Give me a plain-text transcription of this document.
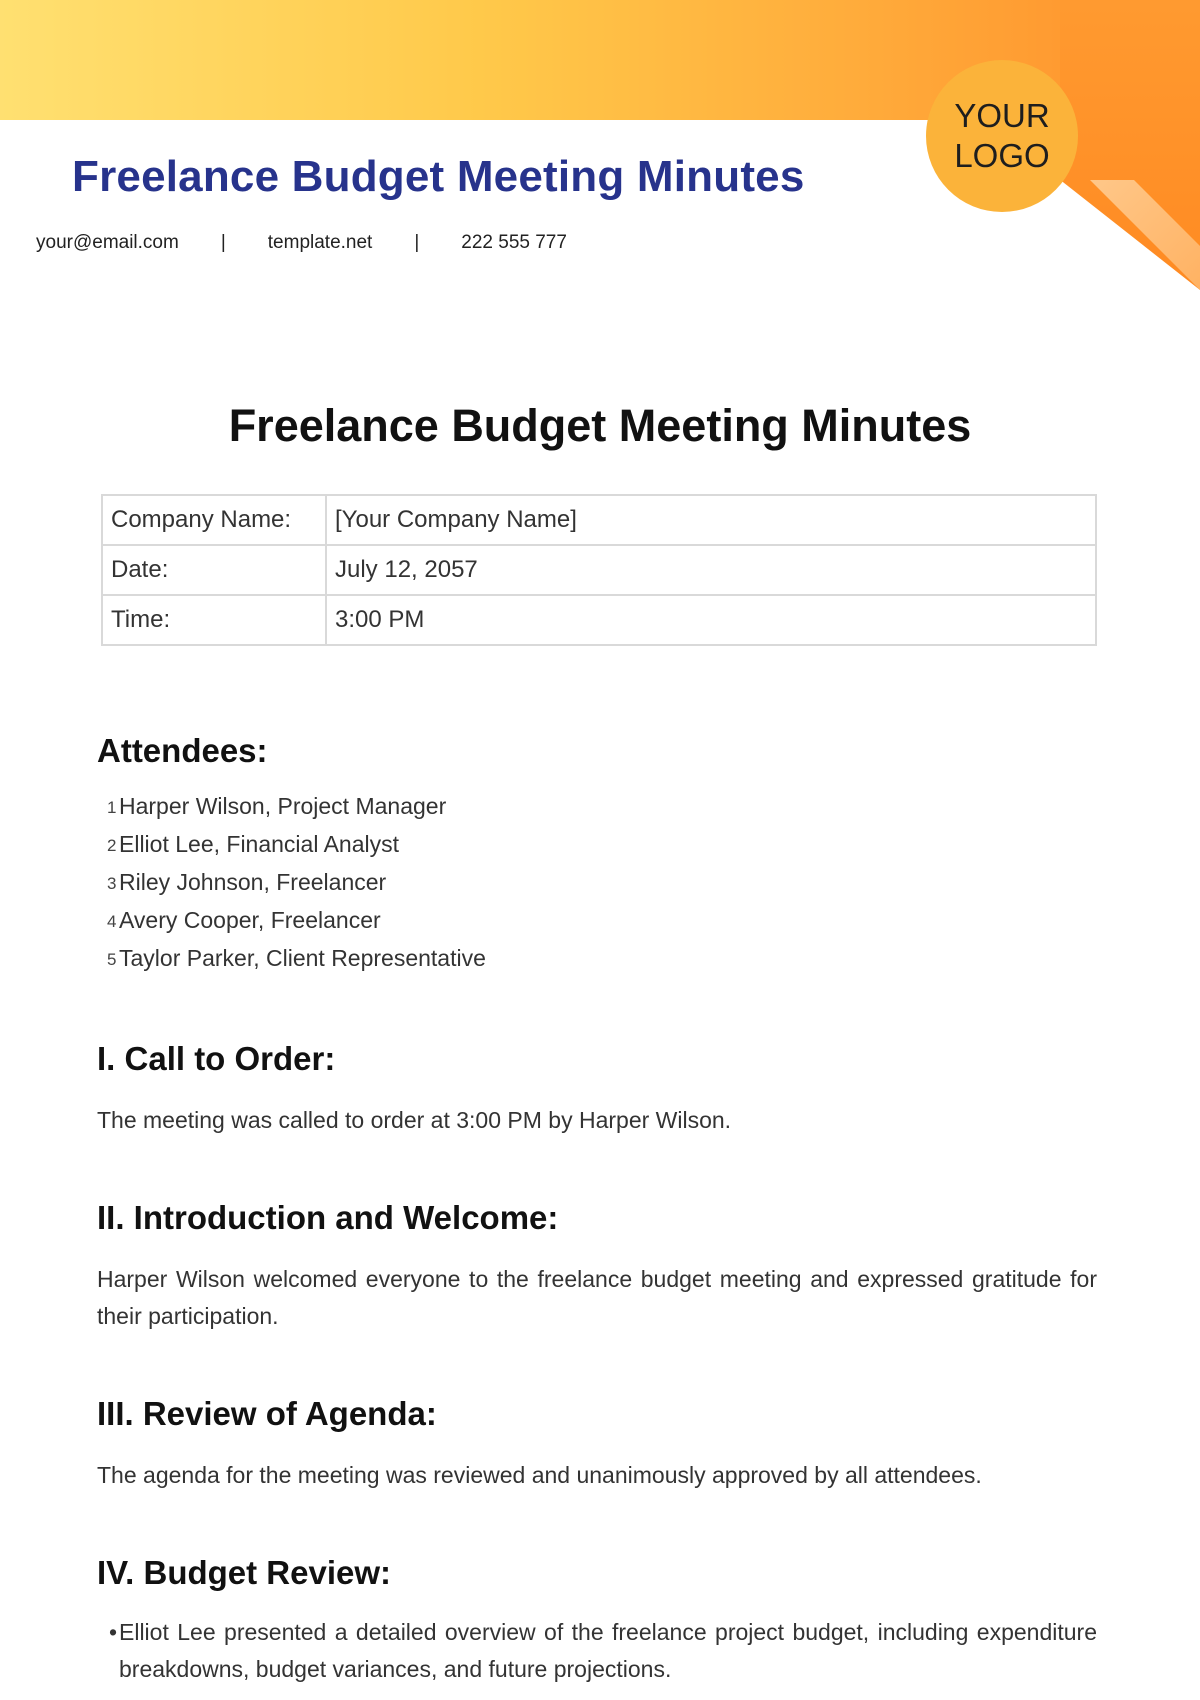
YOUR LOGO
Freelance Budget Meeting Minutes
your@email.com | template.net | 222 555 777
Freelance Budget Meeting Minutes
Company Name:	[Your Company Name]
Date:	July 12, 2057
Time:	3:00 PM
Attendees:
1 Harper Wilson, Project Manager
2 Elliot Lee, Financial Analyst
3 Riley Johnson, Freelancer
4 Avery Cooper, Freelancer
5 Taylor Parker, Client Representative
I. Call to Order:

The meeting was called to order at 3:00 PM by Harper Wilson.

II. Introduction and Welcome:

Harper Wilson welcomed everyone to the freelance budget meeting and expressed gratitude for their participation.

III. Review of Agenda:

The agenda for the meeting was reviewed and unanimously approved by all attendees.

IV. Budget Review:
• Elliot Lee presented a detailed overview of the freelance project budget, including expenditure breakdowns, budget variances, and future projections.
